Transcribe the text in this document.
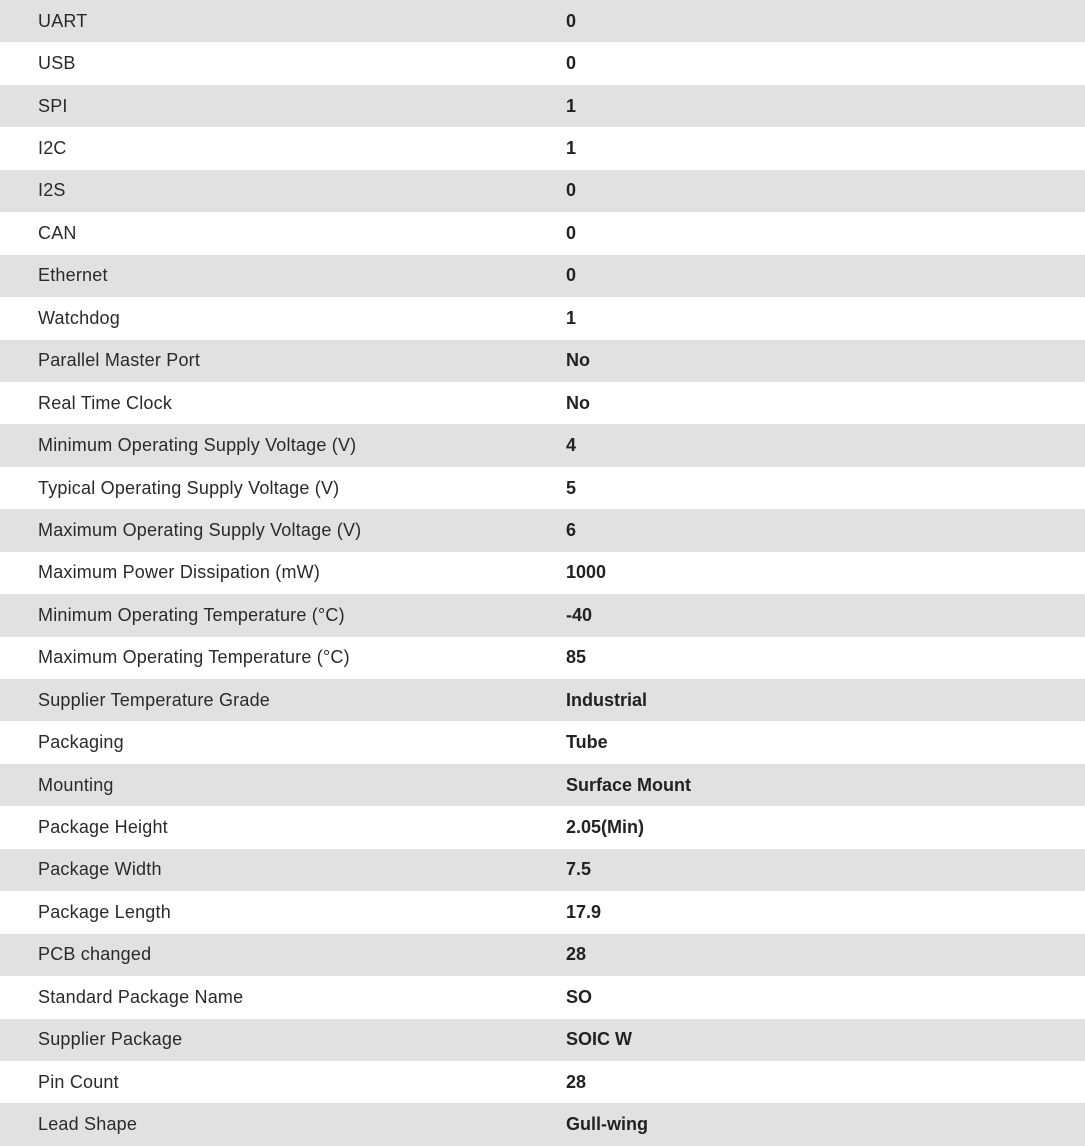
UART	0
USB	0
SPI	1
I2C	1
I2S	0
CAN	0
Ethernet	0
Watchdog	1
Parallel Master Port	No
Real Time Clock	No
Minimum Operating Supply Voltage (V)	4
Typical Operating Supply Voltage (V)	5
Maximum Operating Supply Voltage (V)	6
Maximum Power Dissipation (mW)	1000
Minimum Operating Temperature (°C)	-40
Maximum Operating Temperature (°C)	85
Supplier Temperature Grade	Industrial
Packaging	Tube
Mounting	Surface Mount
Package Height	2.05(Min)
Package Width	7.5
Package Length	17.9
PCB changed	28
Standard Package Name	SO
Supplier Package	SOIC W
Pin Count	28
Lead Shape	Gull-wing
